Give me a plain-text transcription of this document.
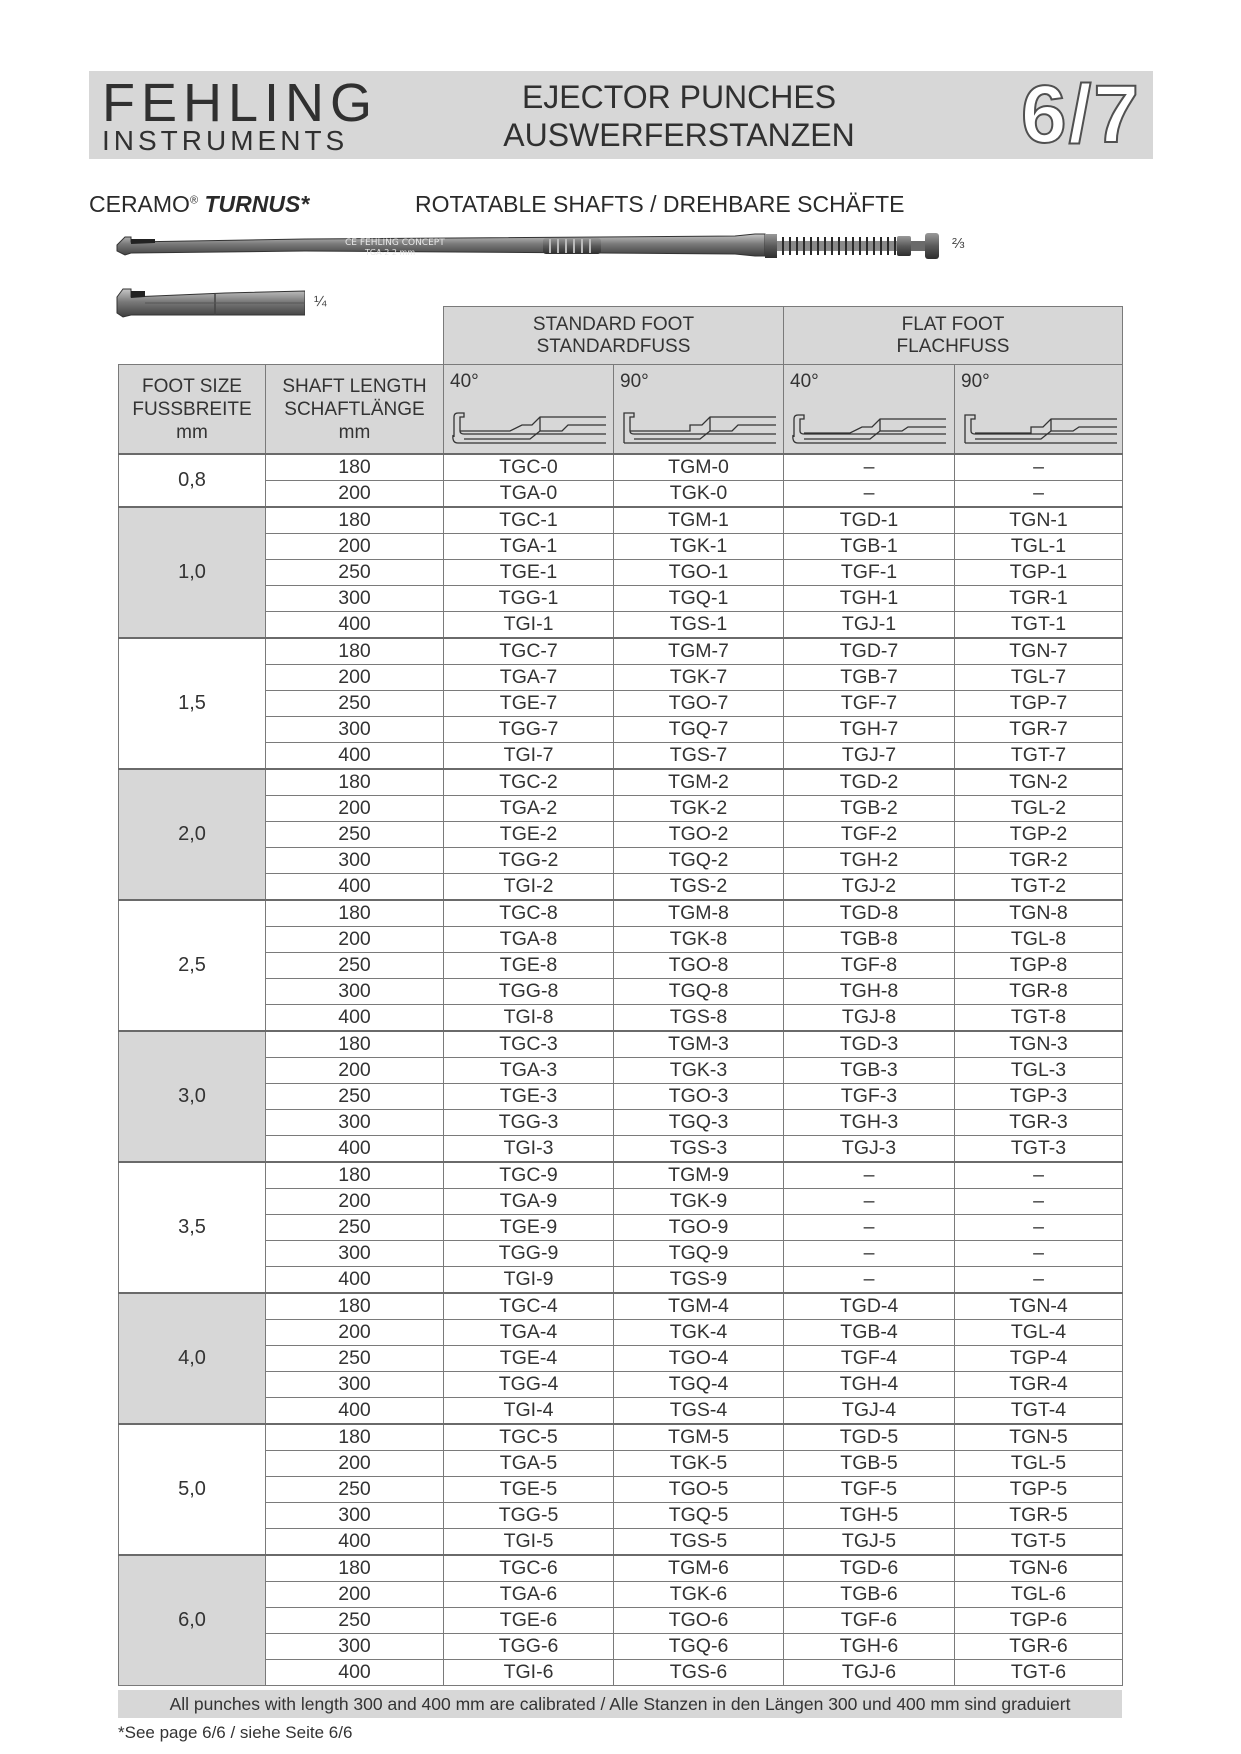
FEHLING
INSTRUMENTS
EJECTOR PUNCHES
AUSWERFERSTANZEN	6/7
CERAMO® TURNUS*	ROTATABLE SHAFTS / DREHBARE SCHÄFTE
CE FEHLING CONCEPT
TGA-2 2 mm
⅔
¼
		STANDARD FOOT
STANDARDFUSS		FLAT FOOT
FLACHFUSS	
FOOT SIZE
FUSSBREITE
mm	SHAFT LENGTH
SCHAFTLÄNGE
mm	40°	90°	40°	90°

0,8	180	TGC-0	TGM-0	–	–
	200	TGA-0	TGK-0	–	–
1,0	180	TGC-1	TGM-1	TGD-1	TGN-1
	200	TGA-1	TGK-1	TGB-1	TGL-1
	250	TGE-1	TGO-1	TGF-1	TGP-1
	300	TGG-1	TGQ-1	TGH-1	TGR-1
	400	TGI-1	TGS-1	TGJ-1	TGT-1
1,5	180	TGC-7	TGM-7	TGD-7	TGN-7
	200	TGA-7	TGK-7	TGB-7	TGL-7
	250	TGE-7	TGO-7	TGF-7	TGP-7
	300	TGG-7	TGQ-7	TGH-7	TGR-7
	400	TGI-7	TGS-7	TGJ-7	TGT-7
2,0	180	TGC-2	TGM-2	TGD-2	TGN-2
	200	TGA-2	TGK-2	TGB-2	TGL-2
	250	TGE-2	TGO-2	TGF-2	TGP-2
	300	TGG-2	TGQ-2	TGH-2	TGR-2
	400	TGI-2	TGS-2	TGJ-2	TGT-2
2,5	180	TGC-8	TGM-8	TGD-8	TGN-8
	200	TGA-8	TGK-8	TGB-8	TGL-8
	250	TGE-8	TGO-8	TGF-8	TGP-8
	300	TGG-8	TGQ-8	TGH-8	TGR-8
	400	TGI-8	TGS-8	TGJ-8	TGT-8
3,0	180	TGC-3	TGM-3	TGD-3	TGN-3
	200	TGA-3	TGK-3	TGB-3	TGL-3
	250	TGE-3	TGO-3	TGF-3	TGP-3
	300	TGG-3	TGQ-3	TGH-3	TGR-3
	400	TGI-3	TGS-3	TGJ-3	TGT-3
3,5	180	TGC-9	TGM-9	–	–
	200	TGA-9	TGK-9	–	–
	250	TGE-9	TGO-9	–	–
	300	TGG-9	TGQ-9	–	–
	400	TGI-9	TGS-9	–	–
4,0	180	TGC-4	TGM-4	TGD-4	TGN-4
	200	TGA-4	TGK-4	TGB-4	TGL-4
	250	TGE-4	TGO-4	TGF-4	TGP-4
	300	TGG-4	TGQ-4	TGH-4	TGR-4
	400	TGI-4	TGS-4	TGJ-4	TGT-4
5,0	180	TGC-5	TGM-5	TGD-5	TGN-5
	200	TGA-5	TGK-5	TGB-5	TGL-5
	250	TGE-5	TGO-5	TGF-5	TGP-5
	300	TGG-5	TGQ-5	TGH-5	TGR-5
	400	TGI-5	TGS-5	TGJ-5	TGT-5
6,0	180	TGC-6	TGM-6	TGD-6	TGN-6
	200	TGA-6	TGK-6	TGB-6	TGL-6
	250	TGE-6	TGO-6	TGF-6	TGP-6
	300	TGG-6	TGQ-6	TGH-6	TGR-6
	400	TGI-6	TGS-6	TGJ-6	TGT-6
All punches with length 300 and 400 mm are calibrated / Alle Stanzen in den Längen 300 und 400 mm sind graduiert
*See page 6/6 / siehe Seite 6/6
